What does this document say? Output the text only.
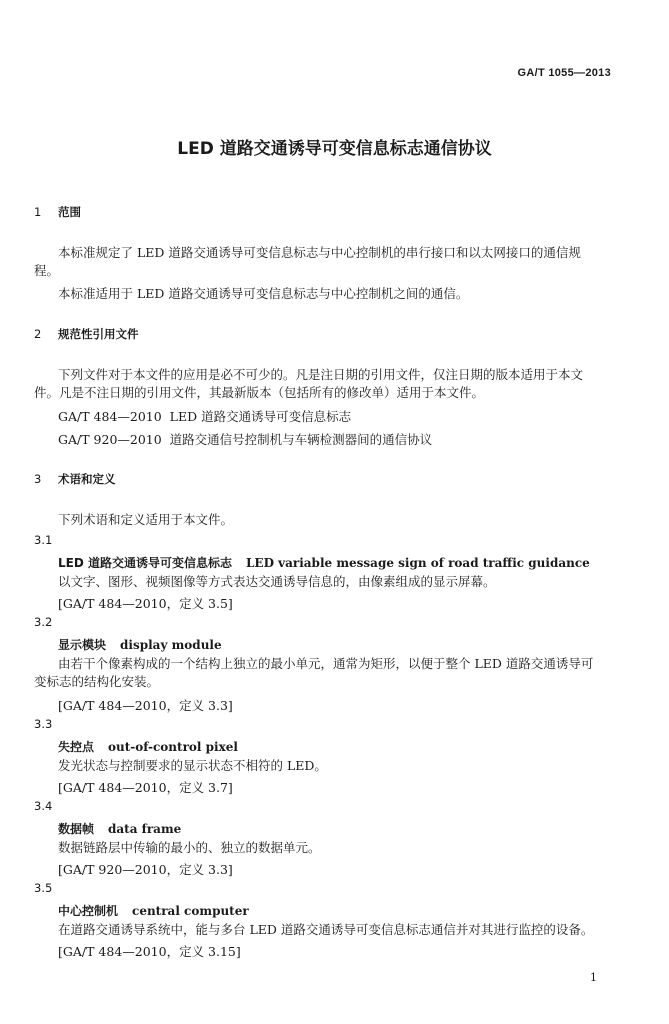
GA/T 1055—2013
LED 道路交通诱导可变信息标志通信协议
1 范围
本标准规定了 LED 道路交通诱导可变信息标志与中心控制机的串行接口和以太网接口的通信规程。
本标准适用于 LED 道路交通诱导可变信息标志与中心控制机之间的通信。
2 规范性引用文件
下列文件对于本文件的应用是必不可少的。凡是注日期的引用文件，仅注日期的版本适用于本文件。凡是不注日期的引用文件，其最新版本（包括所有的修改单）适用于本文件。
GA/T 484—2010 LED 道路交通诱导可变信息标志
GA/T 920—2010 道路交通信号控制机与车辆检测器间的通信协议
3 术语和定义
下列术语和定义适用于本文件。
3.1
LED 道路交通诱导可变信息标志 LED variable message sign of road traffic guidance
以文字、图形、视频图像等方式表达交通诱导信息的，由像素组成的显示屏幕。
[GA/T 484—2010，定义 3.5]
3.2
显示模块 display module
由若干个像素构成的一个结构上独立的最小单元，通常为矩形，以便于整个 LED 道路交通诱导可变标志的结构化安装。
[GA/T 484—2010，定义 3.3]
3.3
失控点 out-of-control pixel
发光状态与控制要求的显示状态不相符的 LED。
[GA/T 484—2010，定义 3.7]
3.4
数据帧 data frame
数据链路层中传输的最小的、独立的数据单元。
[GA/T 920—2010，定义 3.3]
3.5
中心控制机 central computer
在道路交通诱导系统中，能与多台 LED 道路交通诱导可变信息标志通信并对其进行监控的设备。
[GA/T 484—2010，定义 3.15]
1
